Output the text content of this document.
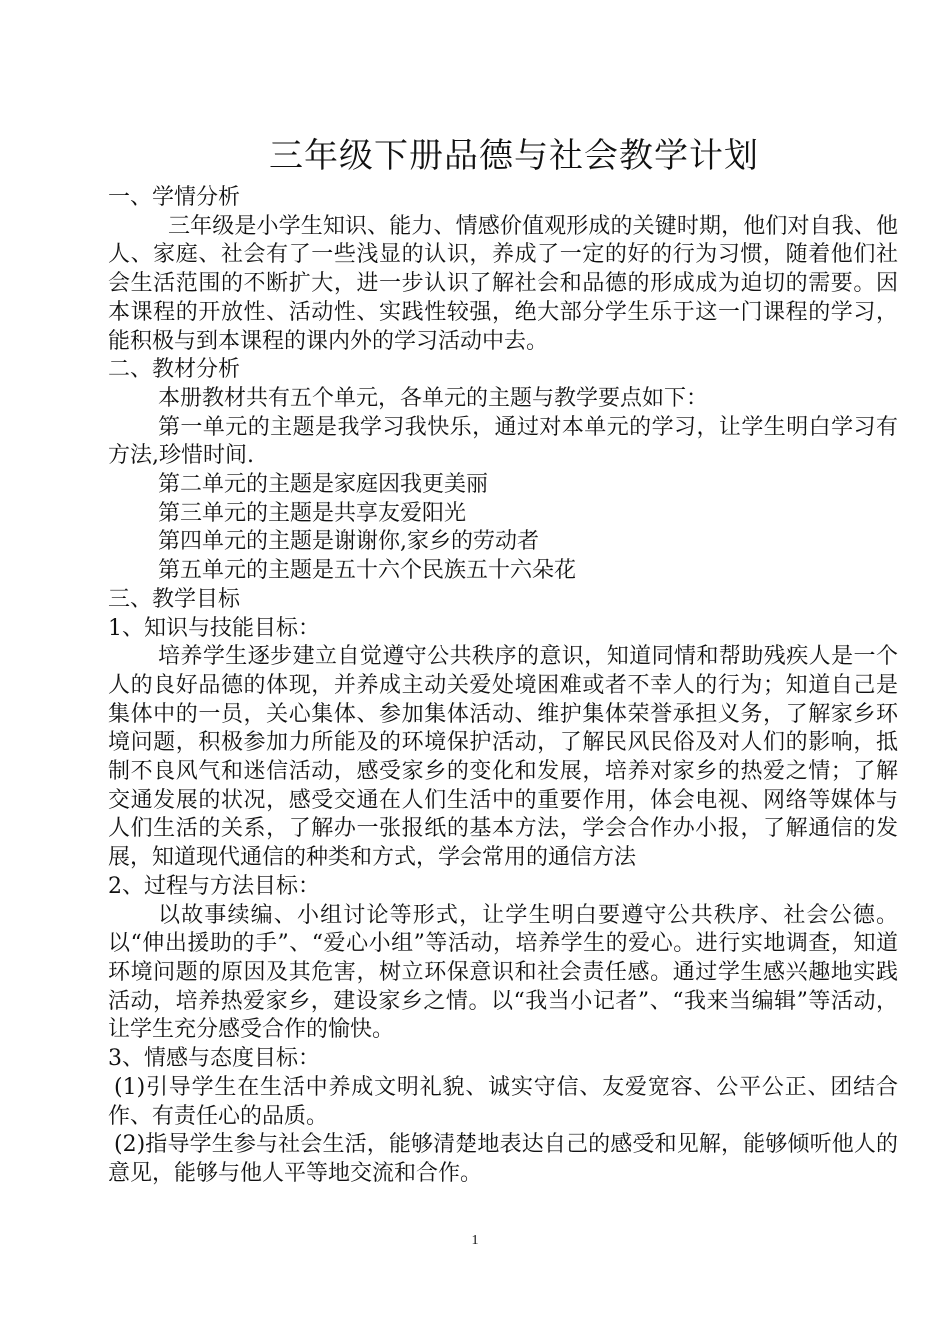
三年级下册品德与社会教学计划

一、学情分析

三年级是小学生知识、能力、情感价值观形成的关键时期，他们对自我、他人、家庭、社会有了一些浅显的认识，养成了一定的好的行为习惯，随着他们社会生活范围的不断扩大，进一步认识了解社会和品德的形成成为迫切的需要。因本课程的开放性、活动性、实践性较强，绝大部分学生乐于这一门课程的学习，能积极与到本课程的课内外的学习活动中去。

二、教材分析

本册教材共有五个单元，各单元的主题与教学要点如下：

第一单元的主题是我学习我快乐，通过对本单元的学习，让学生明白学习有方法,珍惜时间.

第二单元的主题是家庭因我更美丽

第三单元的主题是共享友爱阳光

第四单元的主题是谢谢你,家乡的劳动者

第五单元的主题是五十六个民族五十六朵花

三、教学目标

1、知识与技能目标：

培养学生逐步建立自觉遵守公共秩序的意识，知道同情和帮助残疾人是一个人的良好品德的体现，并养成主动关爱处境困难或者不幸人的行为；知道自己是集体中的一员，关心集体、参加集体活动、维护集体荣誉承担义务，了解家乡环境问题，积极参加力所能及的环境保护活动，了解民风民俗及对人们的影响，抵制不良风气和迷信活动，感受家乡的变化和发展，培养对家乡的热爱之情；了解交通发展的状况，感受交通在人们生活中的重要作用，体会电视、网络等媒体与人们生活的关系，了解办一张报纸的基本方法，学会合作办小报，了解通信的发展，知道现代通信的种类和方式，学会常用的通信方法

2、过程与方法目标：

以故事续编、小组讨论等形式，让学生明白要遵守公共秩序、社会公德。以“伸出援助的手”、“爱心小组”等活动，培养学生的爱心。进行实地调查，知道环境问题的原因及其危害，树立环保意识和社会责任感。通过学生感兴趣地实践活动，培养热爱家乡，建设家乡之情。以“我当小记者”、“我来当编辑”等活动，让学生充分感受合作的愉快。

3、情感与态度目标：

(1)引导学生在生活中养成文明礼貌、诚实守信、友爱宽容、公平公正、团结合作、有责任心的品质。

(2)指导学生参与社会生活，能够清楚地表达自己的感受和见解，能够倾听他人的意见，能够与他人平等地交流和合作。

1
